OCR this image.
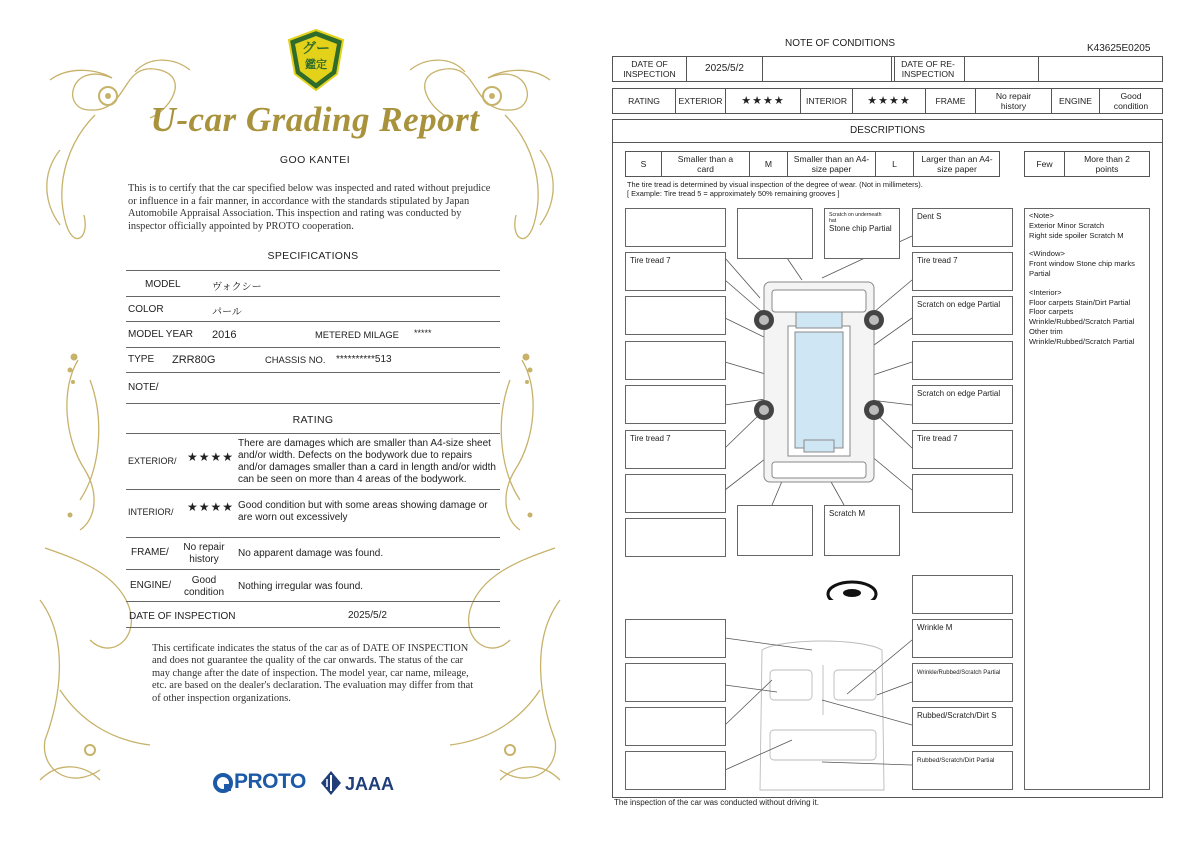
グー
鑑定
U-car Grading Report
GOO KANTEI
This is to certify that the car specified below was inspected and rated without prejudice or influence in a fair manner, in accordance with the standards stipulated by Japan Automobile Appraisal Association. This inspection and rating was conducted by inspector officially appointed by PROTO cooperation.
SPECIFICATIONS
MODEL	ヴォクシー
COLOR	パール
MODEL YEAR 2016	METERED MILAGE *****
TYPE ZRR80G	CHASSIS NO. **********513
NOTE/
RATING
EXTERIOR/ ★★★★
There are damages which are smaller than A4-size sheet and/or width. Defects on the bodywork due to repairs and/or damages smaller than a card in length and/or width can be seen on more than 4 areas of the bodywork.
INTERIOR/ ★★★★ Good condition but with some areas showing damage or are worn out excessively
FRAME/	No repair history
No apparent damage was found.
ENGINE/	Good condition
Nothing irregular was found.
DATE OF INSPECTION	2025/5/2
This certificate indicates the status of the car as of DATE OF INSPECTION and does not guarantee the quality of the car onwards. The status of the car may change after the date of inspection. The model year, car name, mileage, etc. are based on the dealer's declaration. The evaluation may differ from that of other inspection organizations.
PROTO JAAA
NOTE OF CONDITIONS	K43625E0205
DATE OF INSPECTION	2025/5/2	DATE OF RE-INSPECTION
RATING	EXTERIOR	★★★★	INTERIOR	★★★★	FRAME	No repair history	ENGINE	Good condition
DESCRIPTIONS
S	Smaller than a card	M	Smaller than an A4-size paper	L	Larger than an A4-size paper	Few	More than 2 points
The tire tread is determined by visual inspection of the degree of wear. (Not in millimeters).
[ Example: Tire tread 5 = approximately 50% remaining grooves ]
Tire tread 7
Tire tread 7
Scratch on underneath
hat
Stone chip Partial
Dent S
Tire tread 7
Scratch on edge Partial
Scratch on edge Partial
Tire tread 7
Scratch M
Wrinkle M
Wrinkle/Rubbed/Scratch Partial
Rubbed/Scratch/Dirt S
Rubbed/Scratch/Dirt Partial
<Note>
Exterior Minor Scratch
Right side spoiler Scratch M
<Window>
Front window Stone chip marks Partial
<Interior>
Floor carpets Stain/Dirt Partial
Floor carpets Wrinkle/Rubbed/Scratch Partial
Other trim Wrinkle/Rubbed/Scratch Partial
The inspection of the car was conducted without driving it.
